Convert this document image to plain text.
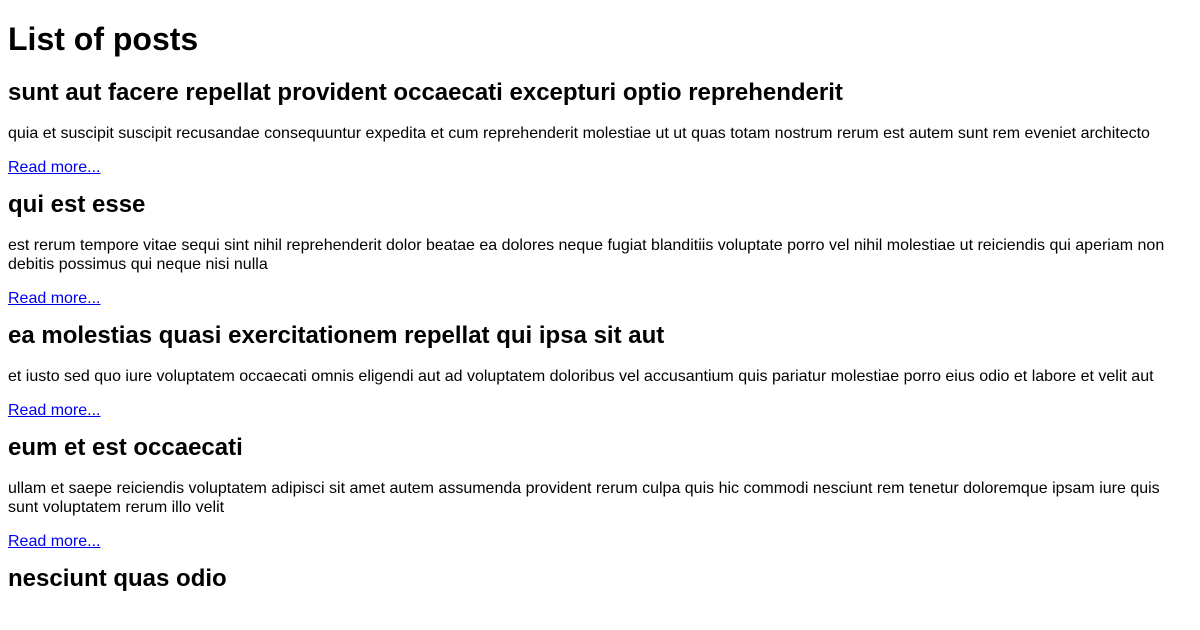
List of posts
sunt aut facere repellat provident occaecati excepturi optio reprehenderit

quia et suscipit suscipit recusandae consequuntur expedita et cum reprehenderit molestiae ut ut quas totam nostrum rerum est autem sunt rem eveniet architecto

Read more...
qui est esse

est rerum tempore vitae sequi sint nihil reprehenderit dolor beatae ea dolores neque fugiat blanditiis voluptate porro vel nihil molestiae ut reiciendis qui aperiam non debitis possimus qui neque nisi nulla

Read more...
ea molestias quasi exercitationem repellat qui ipsa sit aut

et iusto sed quo iure voluptatem occaecati omnis eligendi aut ad voluptatem doloribus vel accusantium quis pariatur molestiae porro eius odio et labore et velit aut

Read more...
eum et est occaecati

ullam et saepe reiciendis voluptatem adipisci sit amet autem assumenda provident rerum culpa quis hic commodi nesciunt rem tenetur doloremque ipsam iure quis sunt voluptatem rerum illo velit

Read more...
nesciunt quas odio
